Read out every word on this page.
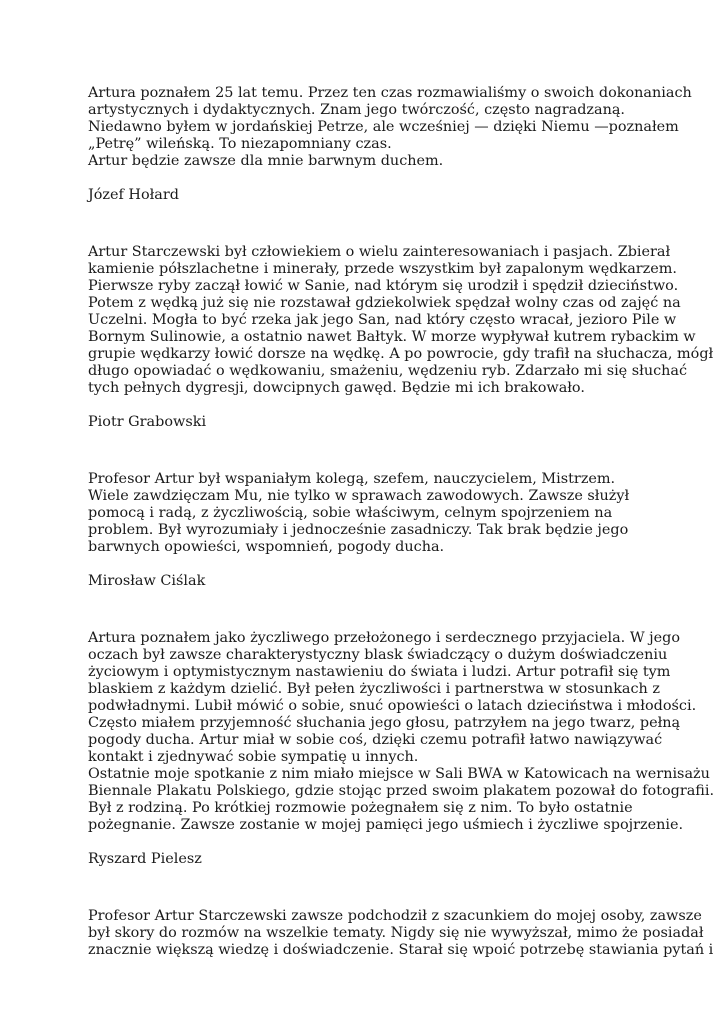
Artura poznałem 25 lat temu. Przez ten czas rozmawialiśmy o swoich dokonaniach
artystycznych i dydaktycznych. Znam jego twórczość, często nagradzaną.
Niedawno byłem w jordańskiej Petrze, ale wcześniej — dzięki Niemu —poznałem
„Petrę” wileńską. To niezapomniany czas.
Artur będzie zawsze dla mnie barwnym duchem.
Józef Hołard
Artur Starczewski był człowiekiem o wielu zainteresowaniach i pasjach. Zbierał
kamienie półszlachetne i minerały, przede wszystkim był zapalonym wędkarzem.
Pierwsze ryby zaczął łowić w Sanie, nad którym się urodził i spędził dzieciństwo.
Potem z wędką już się nie rozstawał gdziekolwiek spędzał wolny czas od zajęć na
Uczelni. Mogła to być rzeka jak jego San, nad który często wracał, jezioro Pile w
Bornym Sulinowie, a ostatnio nawet Bałtyk. W morze wypływał kutrem rybackim w
grupie wędkarzy łowić dorsze na wędkę. A po powrocie, gdy trafił na słuchacza, mógł
długo opowiadać o wędkowaniu, smażeniu, wędzeniu ryb. Zdarzało mi się słuchać
tych pełnych dygresji, dowcipnych gawęd. Będzie mi ich brakowało.
Piotr Grabowski
Profesor Artur był wspaniałym kolegą, szefem, nauczycielem, Mistrzem.
Wiele zawdzięczam Mu, nie tylko w sprawach zawodowych. Zawsze służył
pomocą i radą, z życzliwością, sobie właściwym, celnym spojrzeniem na
problem. Był wyrozumiały i jednocześnie zasadniczy. Tak brak będzie jego
barwnych opowieści, wspomnień, pogody ducha.
Mirosław Ciślak
Artura poznałem jako życzliwego przełożonego i serdecznego przyjaciela. W jego
oczach był zawsze charakterystyczny blask świadczący o dużym doświadczeniu
życiowym i optymistycznym nastawieniu do świata i ludzi. Artur potrafił się tym
blaskiem z każdym dzielić. Był pełen życzliwości i partnerstwa w stosunkach z
podwładnymi. Lubił mówić o sobie, snuć opowieści o latach dzieciństwa i młodości.
Często miałem przyjemność słuchania jego głosu, patrzyłem na jego twarz, pełną
pogody ducha. Artur miał w sobie coś, dzięki czemu potrafił łatwo nawiązywać
kontakt i zjednywać sobie sympatię u innych.
Ostatnie moje spotkanie z nim miało miejsce w Sali BWA w Katowicach na wernisażu
Biennale Plakatu Polskiego, gdzie stojąc przed swoim plakatem pozował do fotografii.
Był z rodziną. Po krótkiej rozmowie pożegnałem się z nim. To było ostatnie
pożegnanie. Zawsze zostanie w mojej pamięci jego uśmiech i życzliwe spojrzenie.
Ryszard Pielesz
Profesor Artur Starczewski zawsze podchodził z szacunkiem do mojej osoby, zawsze
był skory do rozmów na wszelkie tematy. Nigdy się nie wywyższał, mimo że posiadał
znacznie większą wiedzę i doświadczenie. Starał się wpoić potrzebę stawiania pytań i
